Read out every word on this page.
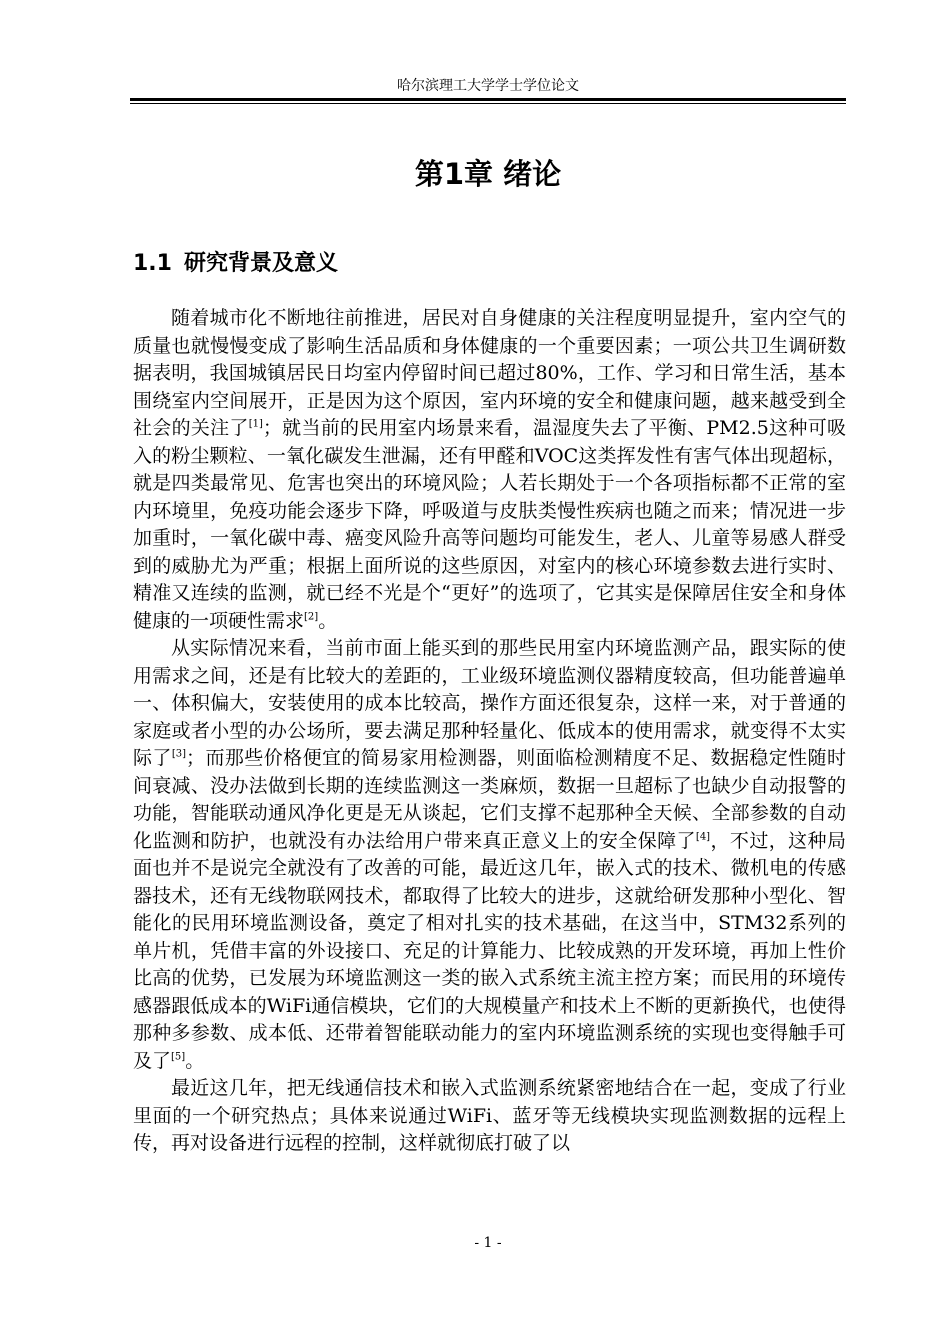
哈尔滨理工大学学士学位论文
第1章 绪论
1.1 研究背景及意义

随着城市化不断地往前推进，居民对自身健康的关注程度明显提升，室内空气的质量也就慢慢变成了影响生活品质和身体健康的一个重要因素；一项公共卫生调研数据表明，我国城镇居民日均室内停留时间已超过80%，工作、学习和日常生活，基本围绕室内空间展开，正是因为这个原因，室内环境的安全和健康问题，越来越受到全社会的关注了[1]；就当前的民用室内场景来看，温湿度失去了平衡、PM2.5这种可吸入的粉尘颗粒、一氧化碳发生泄漏，还有甲醛和VOC这类挥发性有害气体出现超标，就是四类最常见、危害也突出的环境风险；人若长期处于一个各项指标都不正常的室内环境里，免疫功能会逐步下降，呼吸道与皮肤类慢性疾病也随之而来；情况进一步加重时，一氧化碳中毒、癌变风险升高等问题均可能发生，老人、儿童等易感人群受到的威胁尤为严重；根据上面所说的这些原因，对室内的核心环境参数去进行实时、精准又连续的监测，就已经不光是个“更好”的选项了，它其实是保障居住安全和身体健康的一项硬性需求[2]。

从实际情况来看，当前市面上能买到的那些民用室内环境监测产品，跟实际的使用需求之间，还是有比较大的差距的，工业级环境监测仪器精度较高，但功能普遍单一、体积偏大，安装使用的成本比较高，操作方面还很复杂，这样一来，对于普通的家庭或者小型的办公场所，要去满足那种轻量化、低成本的使用需求，就变得不太实际了[3]；而那些价格便宜的简易家用检测器，则面临检测精度不足、数据稳定性随时间衰减、没办法做到长期的连续监测这一类麻烦，数据一旦超标了也缺少自动报警的功能，智能联动通风净化更是无从谈起，它们支撑不起那种全天候、全部参数的自动化监测和防护，也就没有办法给用户带来真正意义上的安全保障了[4]，不过，这种局面也并不是说完全就没有了改善的可能，最近这几年，嵌入式的技术、微机电的传感器技术，还有无线物联网技术，都取得了比较大的进步，这就给研发那种小型化、智能化的民用环境监测设备，奠定了相对扎实的技术基础，在这当中，STM32系列的单片机，凭借丰富的外设接口、充足的计算能力、比较成熟的开发环境，再加上性价比高的优势，已发展为环境监测这一类的嵌入式系统主流主控方案；而民用的环境传感器跟低成本的WiFi通信模块，它们的大规模量产和技术上不断的更新换代，也使得那种多参数、成本低、还带着智能联动能力的室内环境监测系统的实现也变得触手可及了[5]。

最近这几年，把无线通信技术和嵌入式监测系统紧密地结合在一起，变成了行业里面的一个研究热点；具体来说通过WiFi、蓝牙等无线模块实现监测数据的远程上传，再对设备进行远程的控制，这样就彻底打破了以

- 1 -
